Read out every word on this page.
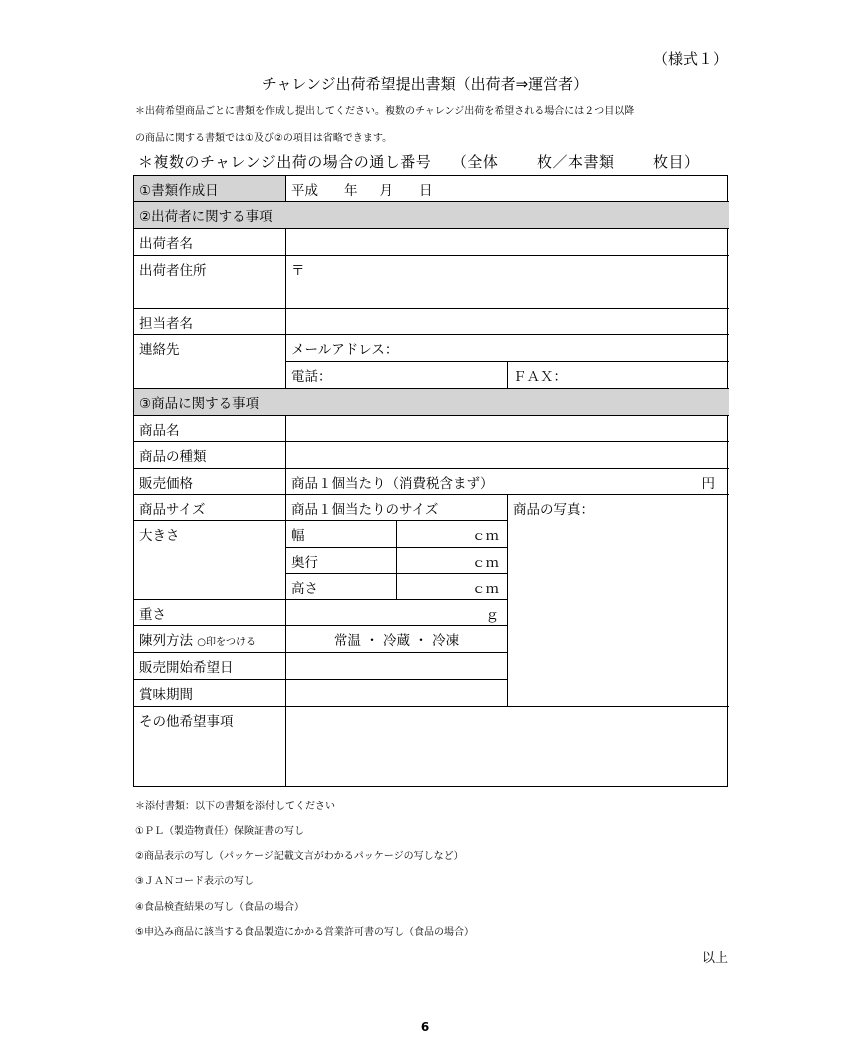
（様式１）
チャレンジ出荷希望提出書類（出荷者⇒運営者）
＊出荷希望商品ごとに書類を作成し提出してください。複数のチャレンジ出荷を希望される場合には２つ目以降
の商品に関する書類では①及び②の項目は省略できます。
＊複数のチャレンジ出荷の場合の通し番号 （全体	枚／本書類	枚目）
①書類作成日	平成 年 月 日
②出荷者に関する事項
出荷者名
出荷者住所	〒
担当者名
連絡先	メールアドレス：
電話：	ＦＡＸ：
③商品に関する事項
商品名
商品の種類
販売価格	商品１個当たり（消費税含まず）	円
商品サイズ	商品１個当たりのサイズ	商品の写真：
大きさ	幅	ｃｍ
奥行	ｃｍ
高さ	ｃｍ
重さ	ｇ
陳列方法 ○印をつける	常温 ・ 冷蔵 ・ 冷凍
販売開始希望日
賞味期間
その他希望事項
＊添付書類：以下の書類を添付してください
①ＰＬ（製造物責任）保険証書の写し
②商品表示の写し（パッケージ記載文言がわかるパッケージの写しなど）
③ＪＡＮコード表示の写し
④食品検査結果の写し（食品の場合）
⑤申込み商品に該当する食品製造にかかる営業許可書の写し（食品の場合）
以上
6
